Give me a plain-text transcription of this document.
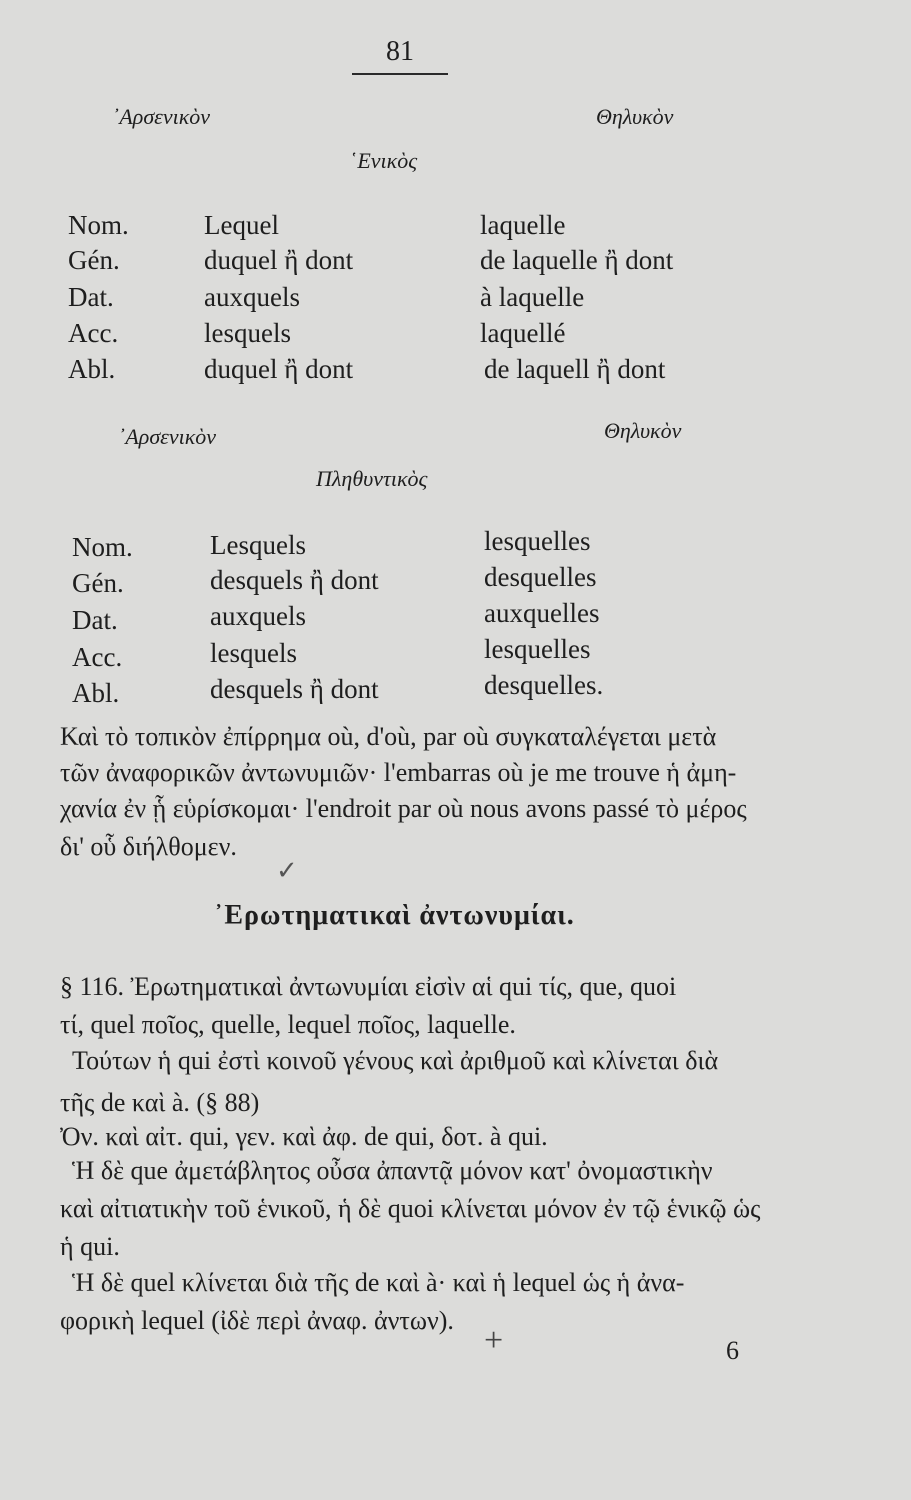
81
᾿Αρσενικὸν	Θηλυκὸν
῾Ενικὸς
Nom.	Lequel	laquelle
Gén.	duquel ἢ dont	de laquelle ἢ dont
Dat.	auxquels	à laquelle
Acc.	lesquels	laquellé
Abl.	duquel ἢ dont	de laquell ἢ dont
᾿Αρσενικὸν	Θηλυκὸν
Πληθυντικὸς
Nom.	Lesquels	lesquelles
Gén.	desquels ἢ dont	desquelles
Dat.	auxquels	auxquelles
Acc.	lesquels	lesquelles
Abl.	desquels ἢ dont	desquelles.
Καὶ τὸ τοπικὸν ἐπίρρημα où, d'où, par où συγκαταλέγεται μετὰ
τῶν ἀναφορικῶν ἀντωνυμιῶν· l'embarras où je me trouve ἡ ἀμη-
χανία ἐν ᾗ εὑρίσκομαι· l'endroit par où nous avons passé τὸ μέρος
δι' οὗ διήλθομεν.
✓
᾿Ερωτηματικαὶ ἀντωνυμίαι.
§ 116. Ἐρωτηματικαὶ ἀντωνυμίαι εἰσὶν αἱ qui τίς, que, quoi
τί, quel ποῖος, quelle, lequel ποῖος, laquelle.
Τούτων ἡ qui ἐστὶ κοινοῦ γένους καὶ ἀριθμοῦ καὶ κλίνεται διὰ
τῆς de καὶ à. (§ 88)
Ὀν. καὶ αἰτ. qui, γεν. καὶ ἀφ. de qui, δοτ. à qui.
Ἡ δὲ que ἀμετάβλητος οὖσα ἀπαντᾷ μόνον κατ' ὀνομαστικὴν
καὶ αἰτιατικὴν τοῦ ἑνικοῦ, ἡ δὲ quoi κλίνεται μόνον ἐν τῷ ἑνικῷ ὡς
ἡ qui.
Ἡ δὲ quel κλίνεται διὰ τῆς de καὶ à· καὶ ἡ lequel ὡς ἡ ἀνα-
φορικὴ lequel (ἰδὲ περὶ ἀναφ. ἀντων).
+	6
